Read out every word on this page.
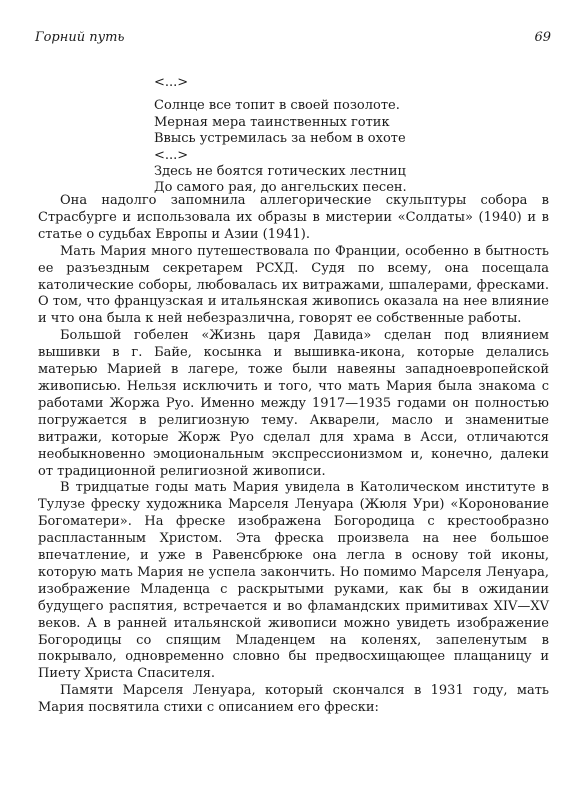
Горний путь	69
<...>
Солнце все топит в своей позолоте.
Мерная мера таинственных готик
Ввысь устремилась за небом в охоте
<...>
Здесь не боятся готических лестниц
До самого рая, до ангельских песен.

Она надолго запомнила аллегорические скульптуры собора в Страсбурге и использовала их образы в мистерии «Солдаты» (1940) и в статье о судьбах Европы и Азии (1941).

Мать Мария много путешествовала по Франции, особенно в бытность ее разъездным секретарем РСХД. Судя по всему, она посещала католические соборы, любовалась их витражами, шпалерами, фресками. О том, что французская и итальянская живопись оказала на нее влияние и что она была к ней небезразлична, говорят ее собственные работы.

Большой гобелен «Жизнь царя Давида» сделан под влиянием вышивки в г. Байе, косынка и вышивка-икона, которые делались матерью Марией в лагере, тоже были навеяны западноевропейской живописью. Нельзя исключить и того, что мать Мария была знакома с работами Жоржа Руо. Именно между 1917—1935 годами он полностью погружается в религиозную тему. Акварели, масло и знаменитые витражи, которые Жорж Руо сделал для храма в Асси, отличаются необыкновенно эмоциональным экспрессионизмом и, конечно, далеки от традиционной религиозной живописи.

В тридцатые годы мать Мария увидела в Католическом институте в Тулузе фреску художника Марселя Ленуара (Жюля Ури) «Коронование Богоматери». На фреске изображена Богородица с крестообразно распластанным Христом. Эта фреска произвела на нее большое впечатление, и уже в Равенсбрюке она легла в основу той иконы, которую мать Мария не успела закончить. Но помимо Марселя Ленуара, изображение Младенца с раскрытыми руками, как бы в ожидании будущего распятия, встречается и во фламандских примитивах XIV—XV веков. А в ранней итальянской живописи можно увидеть изображение Богородицы со спящим Младенцем на коленях, запеленутым в покрывало, одновременно словно бы предвосхищающее плащаницу и Пиету Христа Спасителя.

Памяти Марселя Ленуара, который скончался в 1931 году, мать Мария посвятила стихи с описанием его фрески:
